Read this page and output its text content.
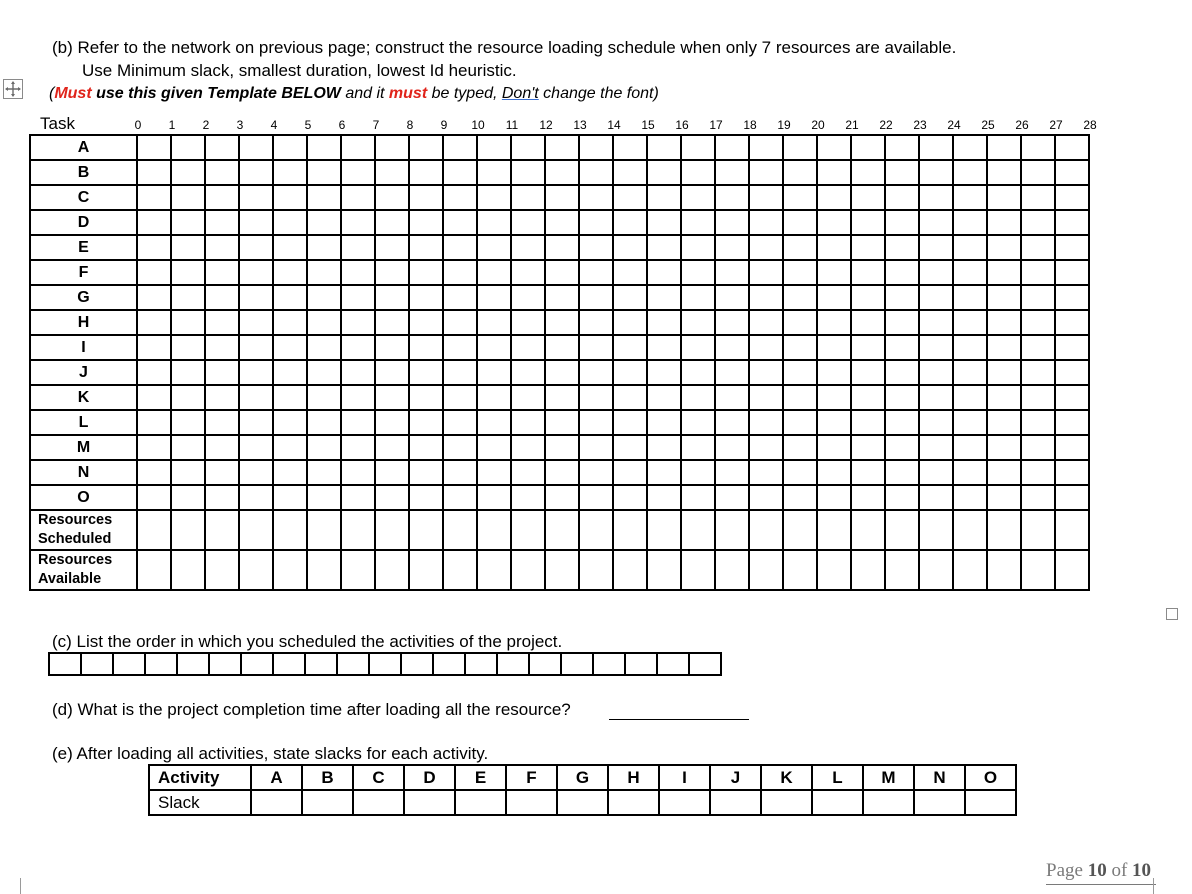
(b) Refer to the network on previous page; construct the resource loading schedule when only 7 resources are available.
Use Minimum slack, smallest duration, lowest Id heuristic.
(Must use this given Template BELOW and it must be typed, Don't change the font)
Task		0	1	2	3	4	5	6	7	8	9	10	11	12	13	14	15	16	17	18	19	20	21	22	23	24	25	26	27	28

A																												
B																												
C																												
D																												
E																												
F																												
G																												
H																												
I																												
J																												
K																												
L																												
M																												
N																												
O																												
Resources
Scheduled																												
Resources
Available																												
(c) List the order in which you scheduled the activities of the project.

(d) What is the project completion time after loading all the resource?
(e) After loading all activities, state slacks for each activity.
Activity	A	B	C	D	E	F	G	H	I	J	K	L	M	N	O
Slack															
Page 10 of 10
